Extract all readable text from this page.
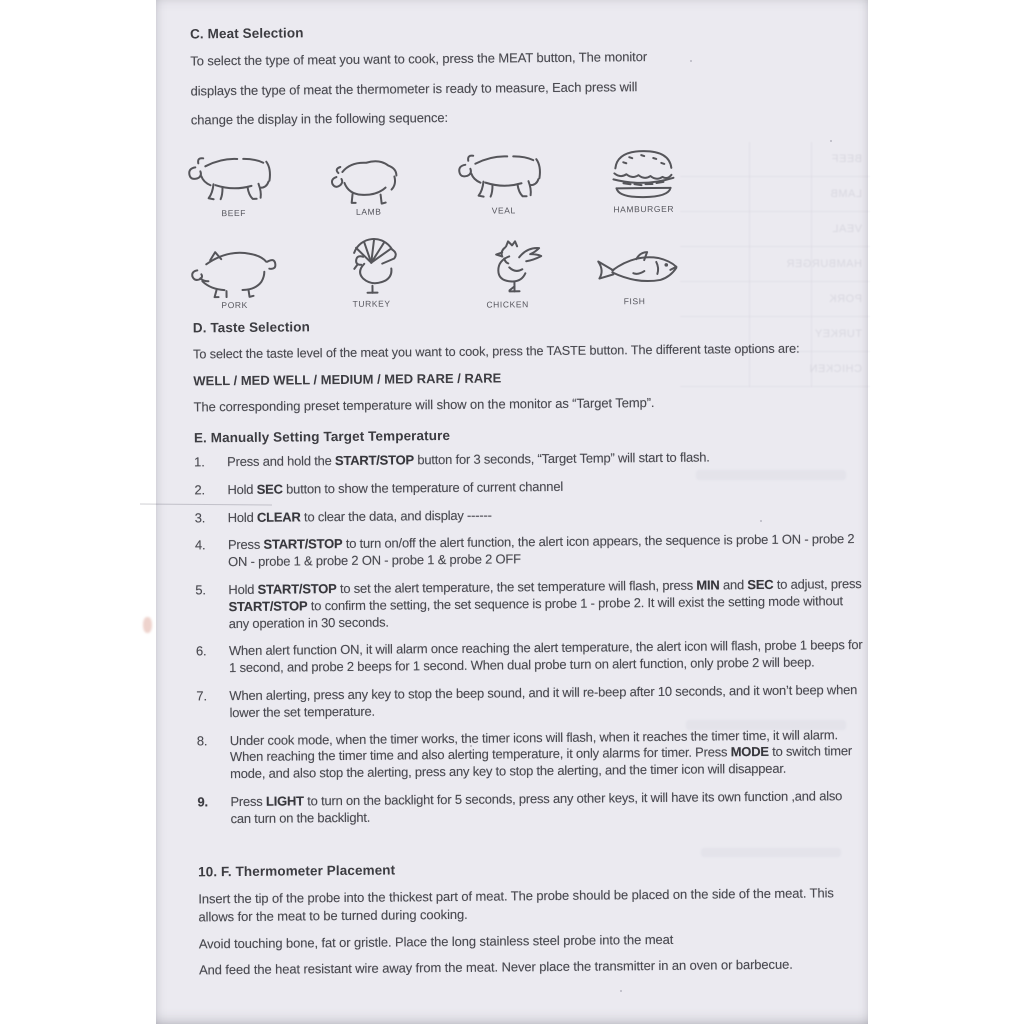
BEEF
LAMB
VEAL
HAMBURGER
PORK
TURKEY
CHICKEN
C. Meat Selection
To select the type of meat you want to cook, press the MEAT button, The monitor
displays the type of meat the thermometer is ready to measure, Each press will
change the display in the following sequence:
BEEF	LAMB	VEAL	HAMBURGER
PORK	TURKEY	CHICKEN	FISH
D. Taste Selection
To select the taste level of the meat you want to cook, press the TASTE button. The different taste options are:
WELL / MED WELL / MEDIUM / MED RARE / RARE
The corresponding preset temperature will show on the monitor as “Target Temp”.
E. Manually Setting Target Temperature
1.	Press and hold the START/STOP button for 3 seconds, “Target Temp” will start to flash.
2.	Hold SEC button to show the temperature of current channel
3.	Hold CLEAR to clear the data, and display ------
4.	Press START/STOP to turn on/off the alert function, the alert icon appears, the sequence is probe 1 ON - probe 2 ON - probe 1 & probe 2 ON - probe 1 & probe 2 OFF
5.	Hold START/STOP to set the alert temperature, the set temperature will flash, press MIN and SEC to adjust, press START/STOP to confirm the setting, the set sequence is probe 1 - probe 2. It will exist the setting mode without any operation in 30 seconds.
6.	When alert function ON, it will alarm once reaching the alert temperature, the alert icon will flash, probe 1 beeps for 1 second, and probe 2 beeps for 1 second. When dual probe turn on alert function, only probe 2 will beep.
7.	When alerting, press any key to stop the beep sound, and it will re-beep after 10 seconds, and it won’t beep when lower the set temperature.
8.	Under cook mode, when the timer works, the timer icons will flash, when it reaches the timer time, it will alarm. When reaching the timer time and also alerting temperature, it only alarms for timer. Press MODE to switch timer mode, and also stop the alerting, press any key to stop the alerting, and the timer icon will disappear.
9.	Press LIGHT to turn on the backlight for 5 seconds, press any other keys, it will have its own function ,and also can turn on the backlight.
10. F. Thermometer Placement
Insert the tip of the probe into the thickest part of meat. The probe should be placed on the side of the meat. This allows for the meat to be turned during cooking.
Avoid touching bone, fat or gristle. Place the long stainless steel probe into the meat
And feed the heat resistant wire away from the meat. Never place the transmitter in an oven or barbecue.
